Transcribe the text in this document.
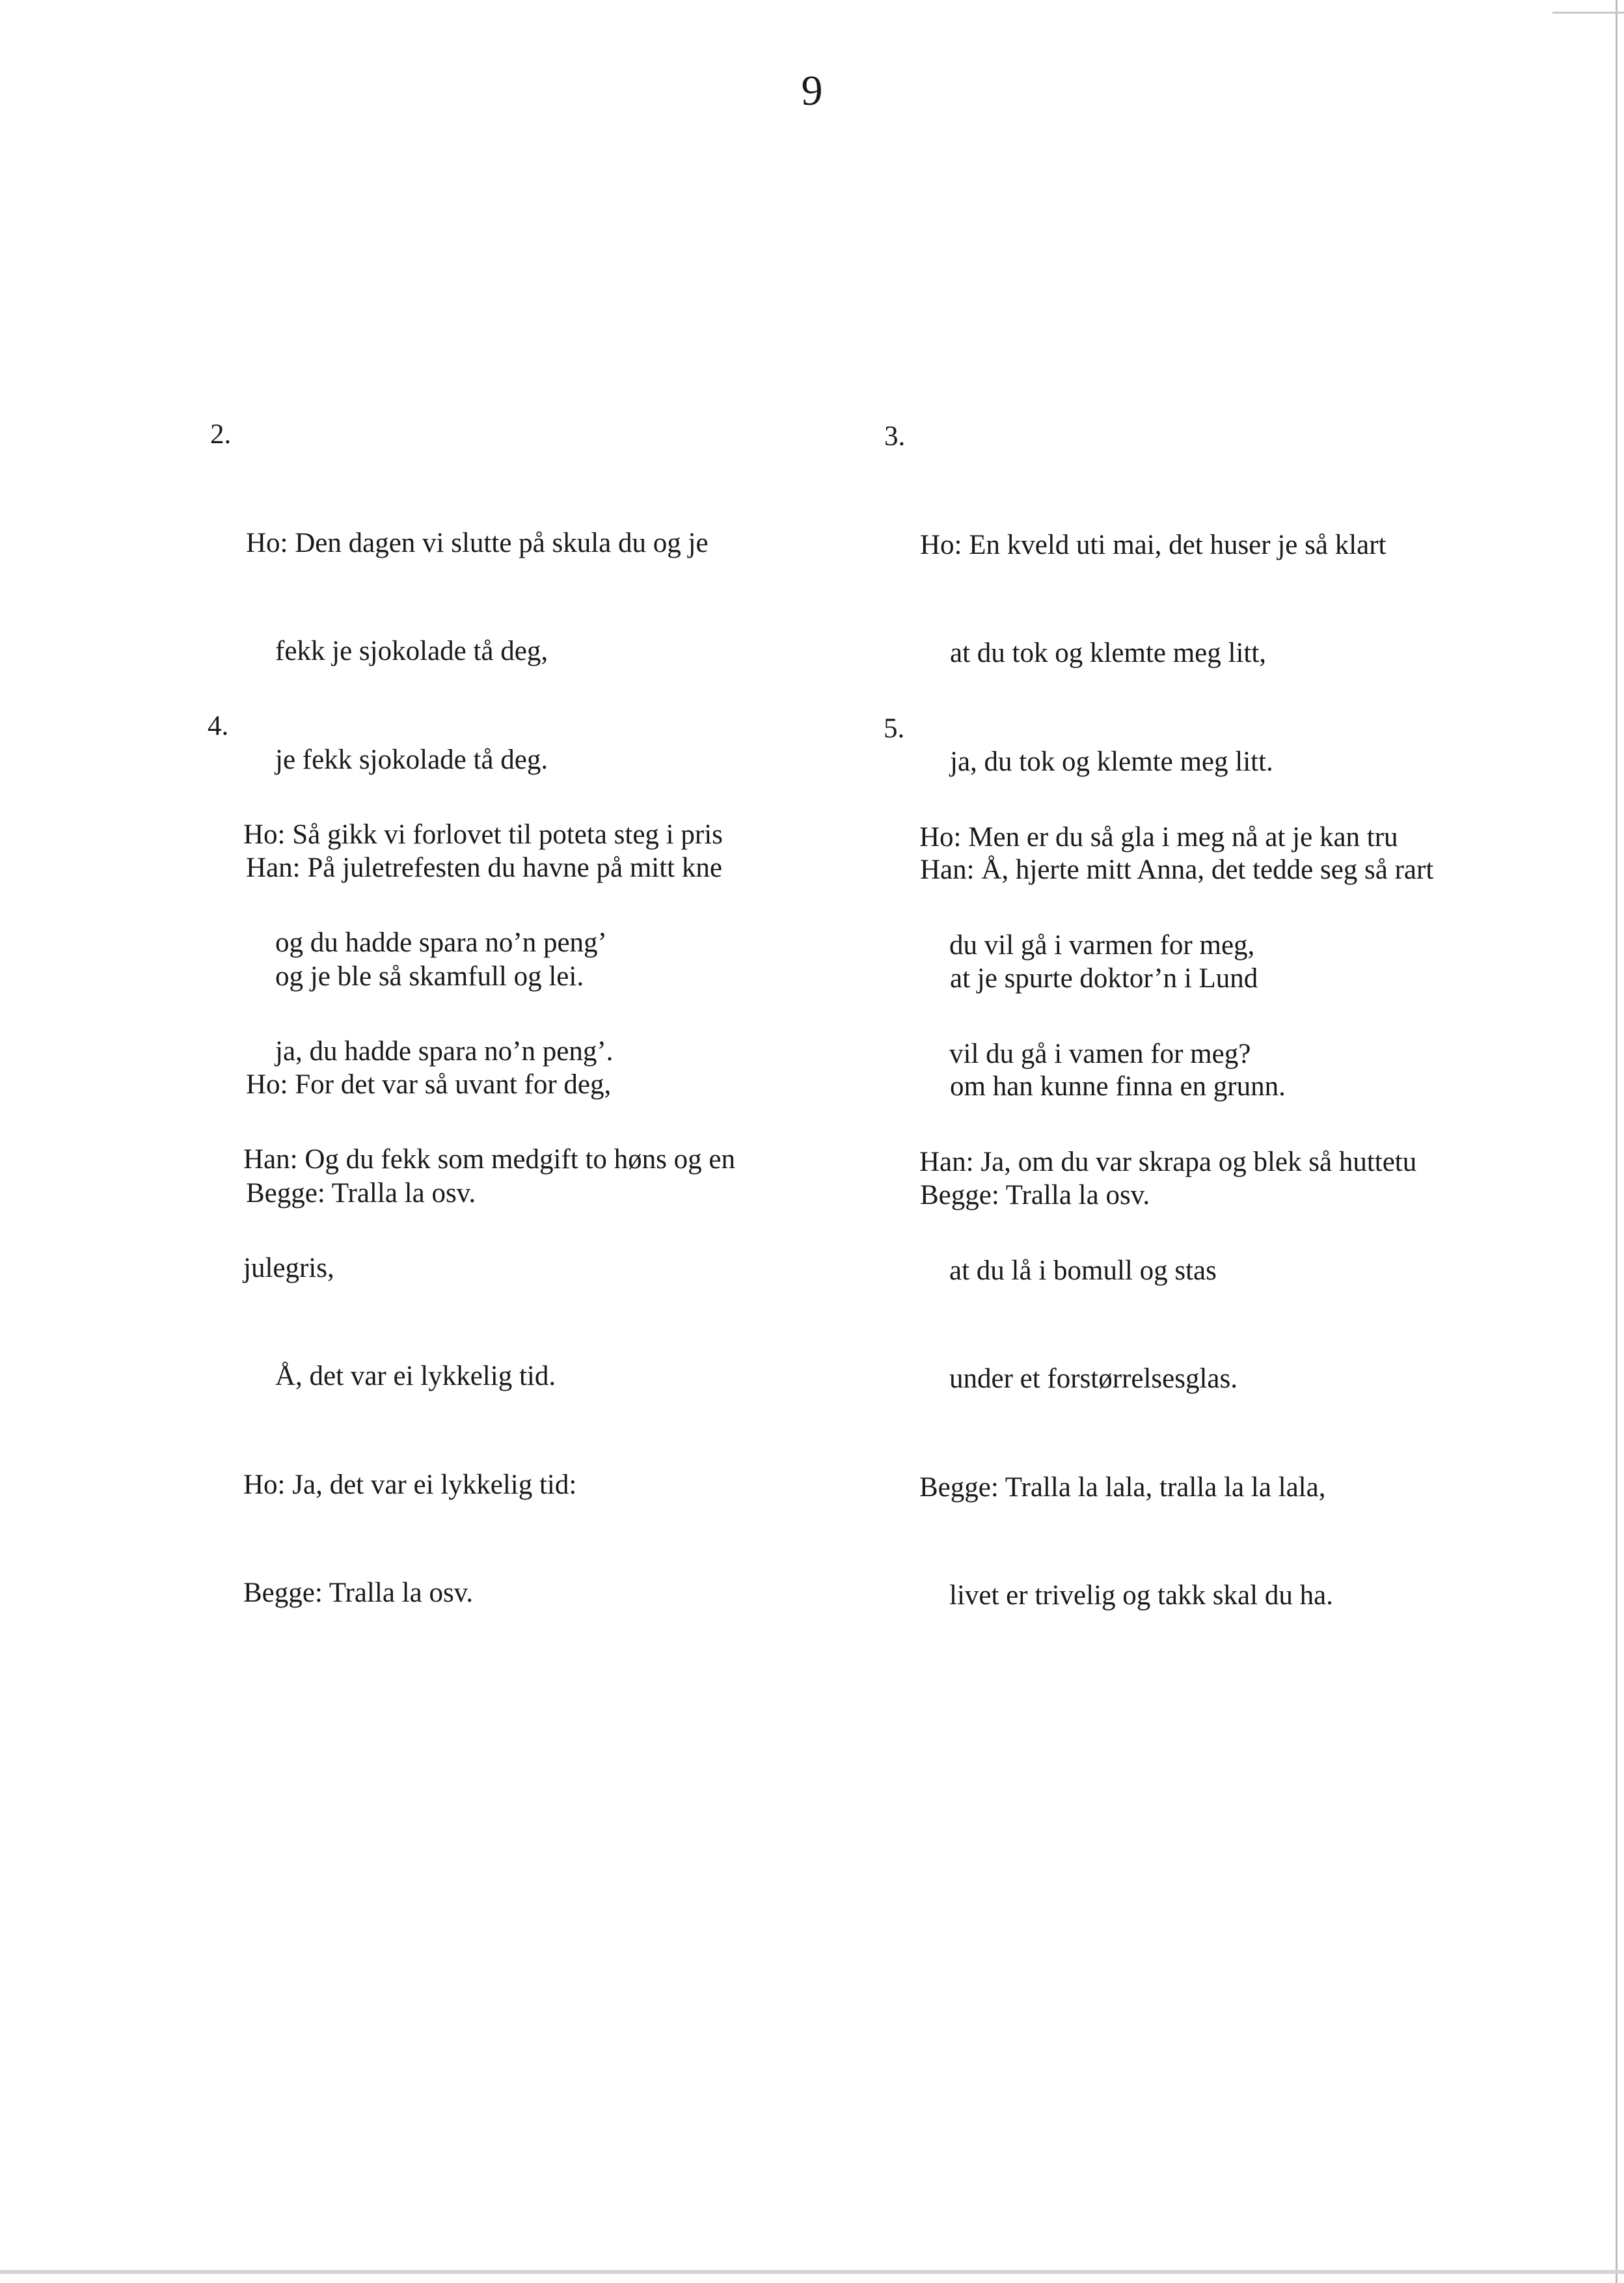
9

2.

Ho: Den dagen vi slutte på skula du og je

fekk je sjokolade tå deg,

je fekk sjokolade tå deg.

Han: På juletrefesten du havne på mitt kne

og je ble så skamfull og lei.

Ho: For det var så uvant for deg,

Begge: Tralla la osv.

4.

Ho: Så gikk vi forlovet til poteta steg i pris

og du hadde spara no’n peng’

ja, du hadde spara no’n peng’.

Han: Og du fekk som medgift to høns og en

julegris,

Å, det var ei lykkelig tid.

Ho: Ja, det var ei lykkelig tid:

Begge: Tralla la osv.

3.

Ho: En kveld uti mai, det huser je så klart

at du tok og klemte meg litt,

ja, du tok og klemte meg litt.

Han: Å, hjerte mitt Anna, det tedde seg så rart

at je spurte doktor’n i Lund

om han kunne finna en grunn.

Begge: Tralla la osv.

5.

Ho: Men er du så gla i meg nå at je kan tru

du vil gå i varmen for meg,

vil du gå i vamen for meg?

Han: Ja, om du var skrapa og blek så huttetu

at du lå i bomull og stas

under et forstørrelsesglas.

Begge: Tralla la lala, tralla la la lala,

livet er trivelig og takk skal du ha.
